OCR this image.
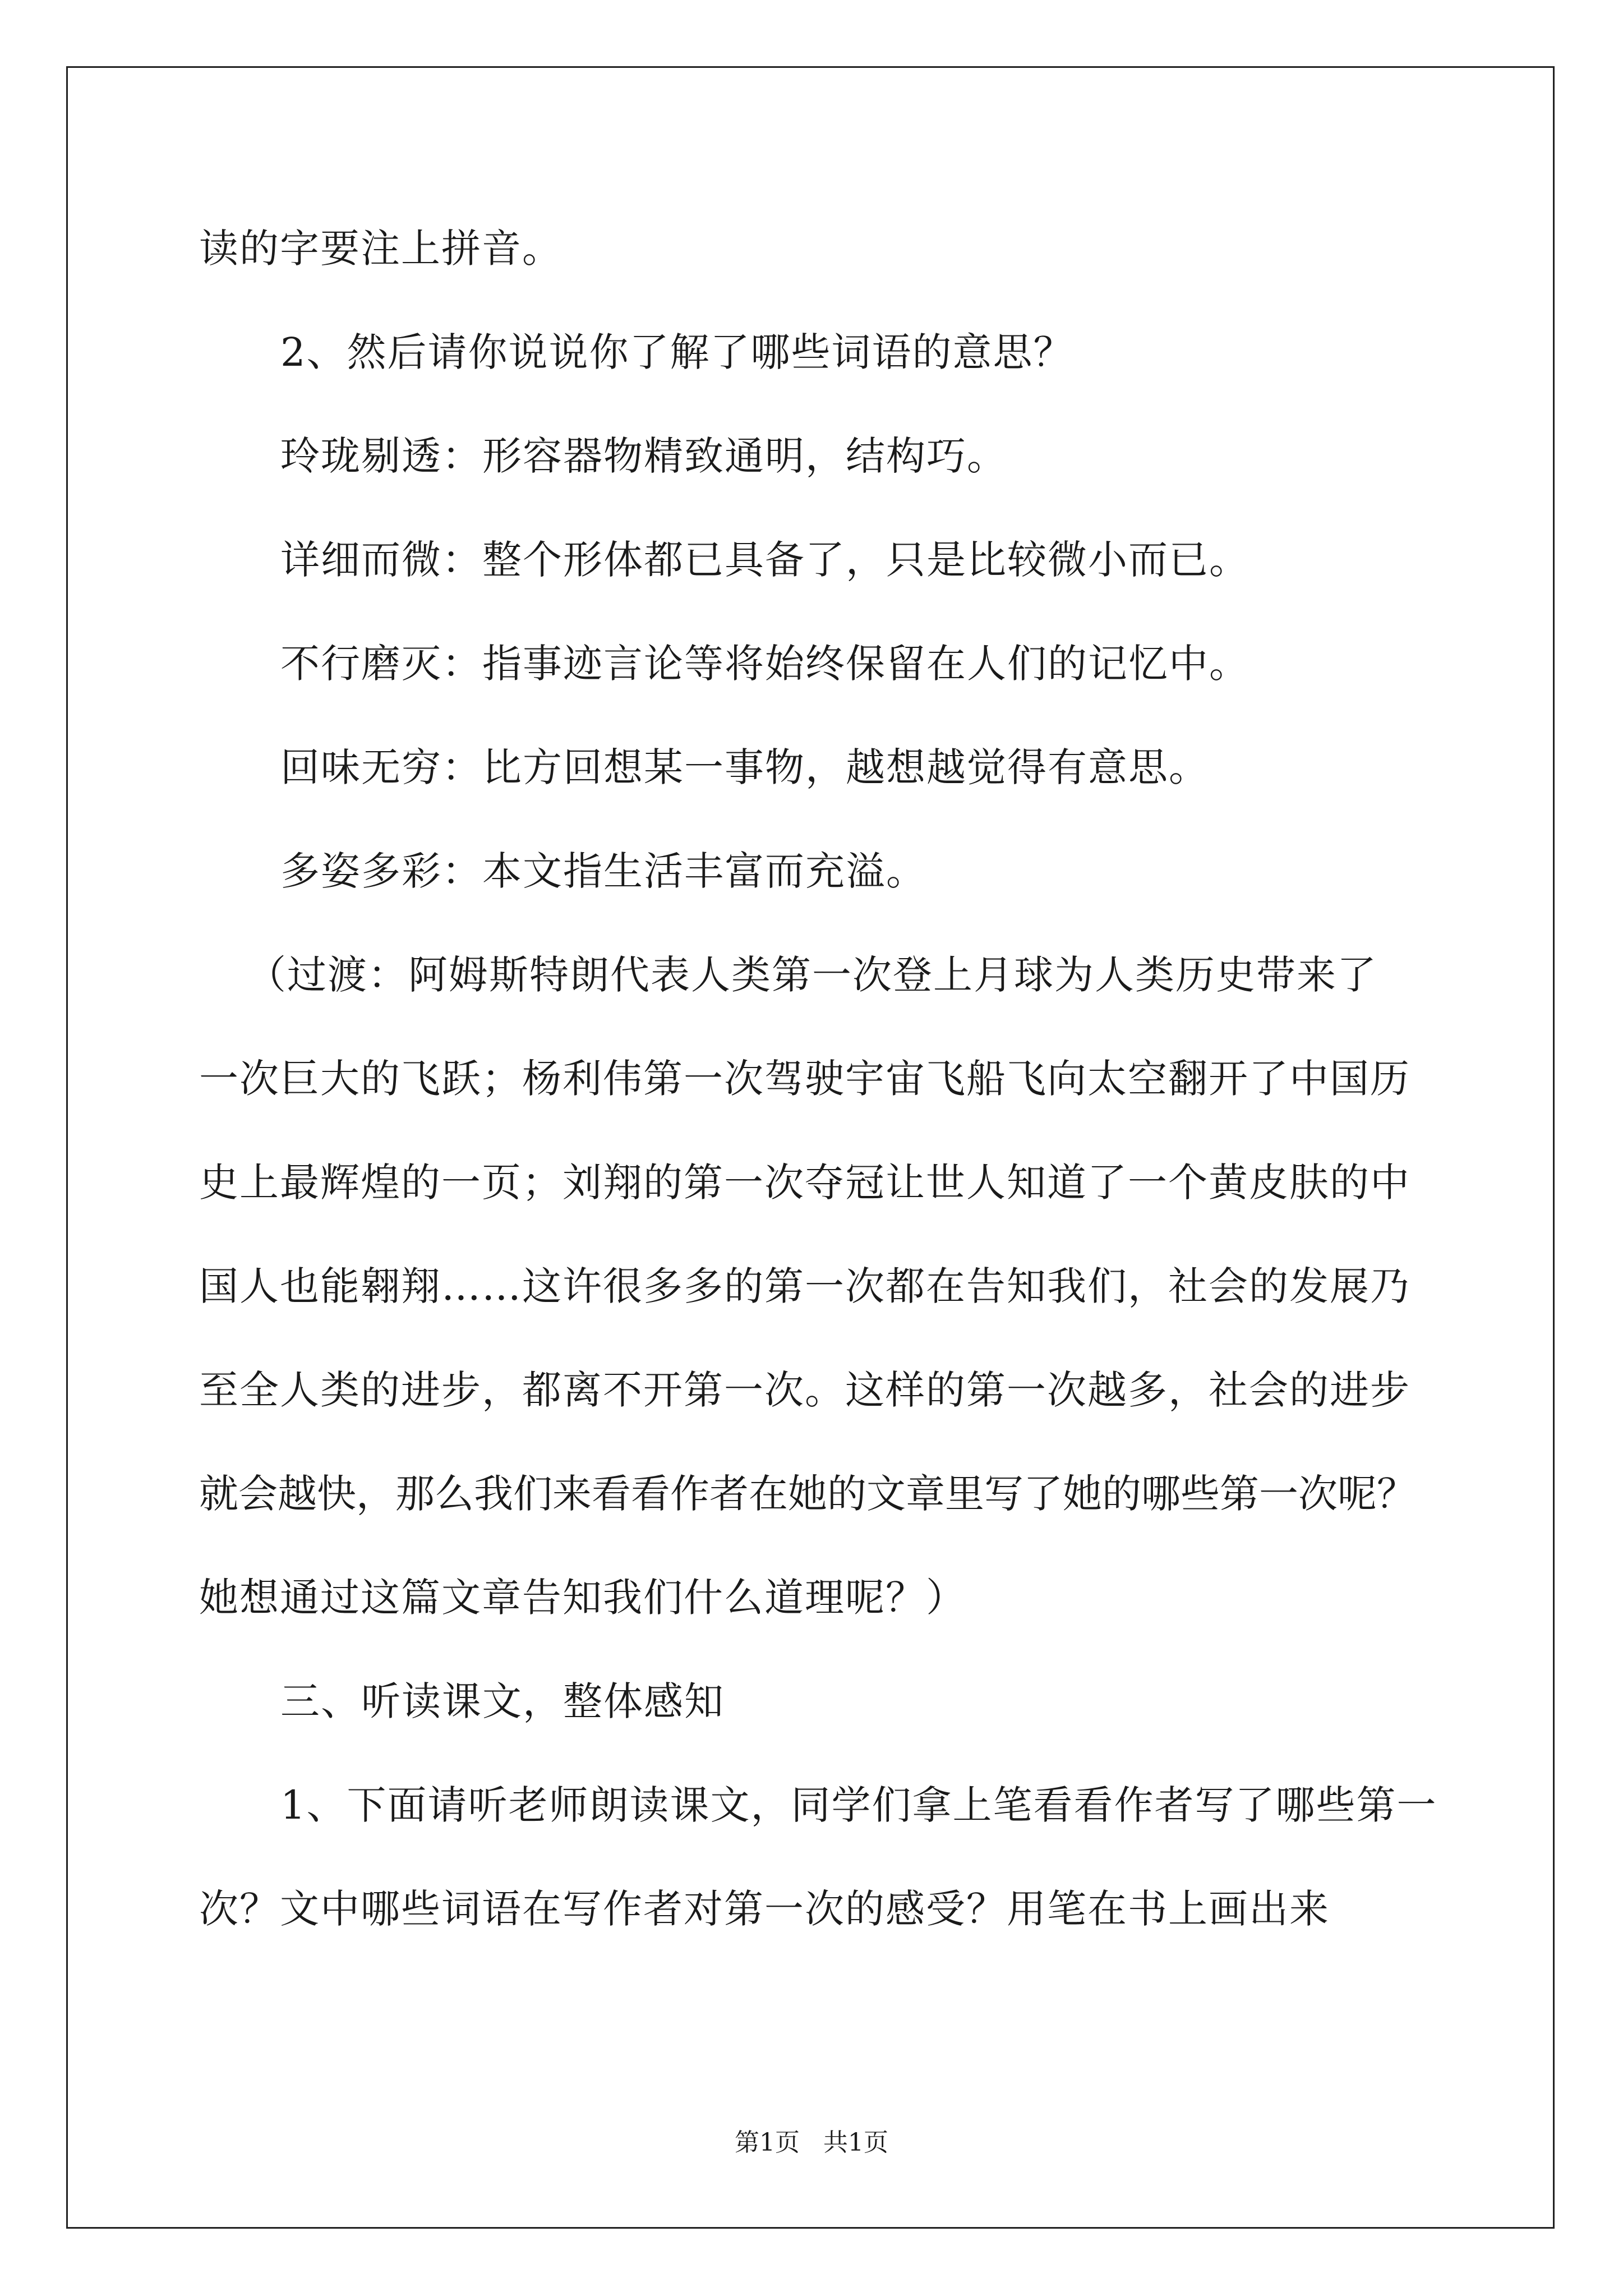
读的字要注上拼音。
2、然后请你说说你了解了哪些词语的意思？
玲珑剔透：形容器物精致通明，结构巧。
详细而微：整个形体都已具备了，只是比较微小而已。
不行磨灭：指事迹言论等将始终保留在人们的记忆中。
回味无穷：比方回想某一事物，越想越觉得有意思。
多姿多彩：本文指生活丰富而充溢。
（过渡：阿姆斯特朗代表人类第一次登上月球为人类历史带来了
一次巨大的飞跃；杨利伟第一次驾驶宇宙飞船飞向太空翻开了中国历
史上最辉煌的一页；刘翔的第一次夺冠让世人知道了一个黄皮肤的中
国人也能翱翔……这许很多多的第一次都在告知我们，社会的发展乃
至全人类的进步，都离不开第一次。这样的第一次越多，社会的进步
就会越快，那么我们来看看作者在她的文章里写了她的哪些第一次呢？
她想通过这篇文章告知我们什么道理呢？）
三、听读课文，整体感知
1、下面请听老师朗读课文，同学们拿上笔看看作者写了哪些第一
次？文中哪些词语在写作者对第一次的感受？用笔在书上画出来
第1页   共1页
